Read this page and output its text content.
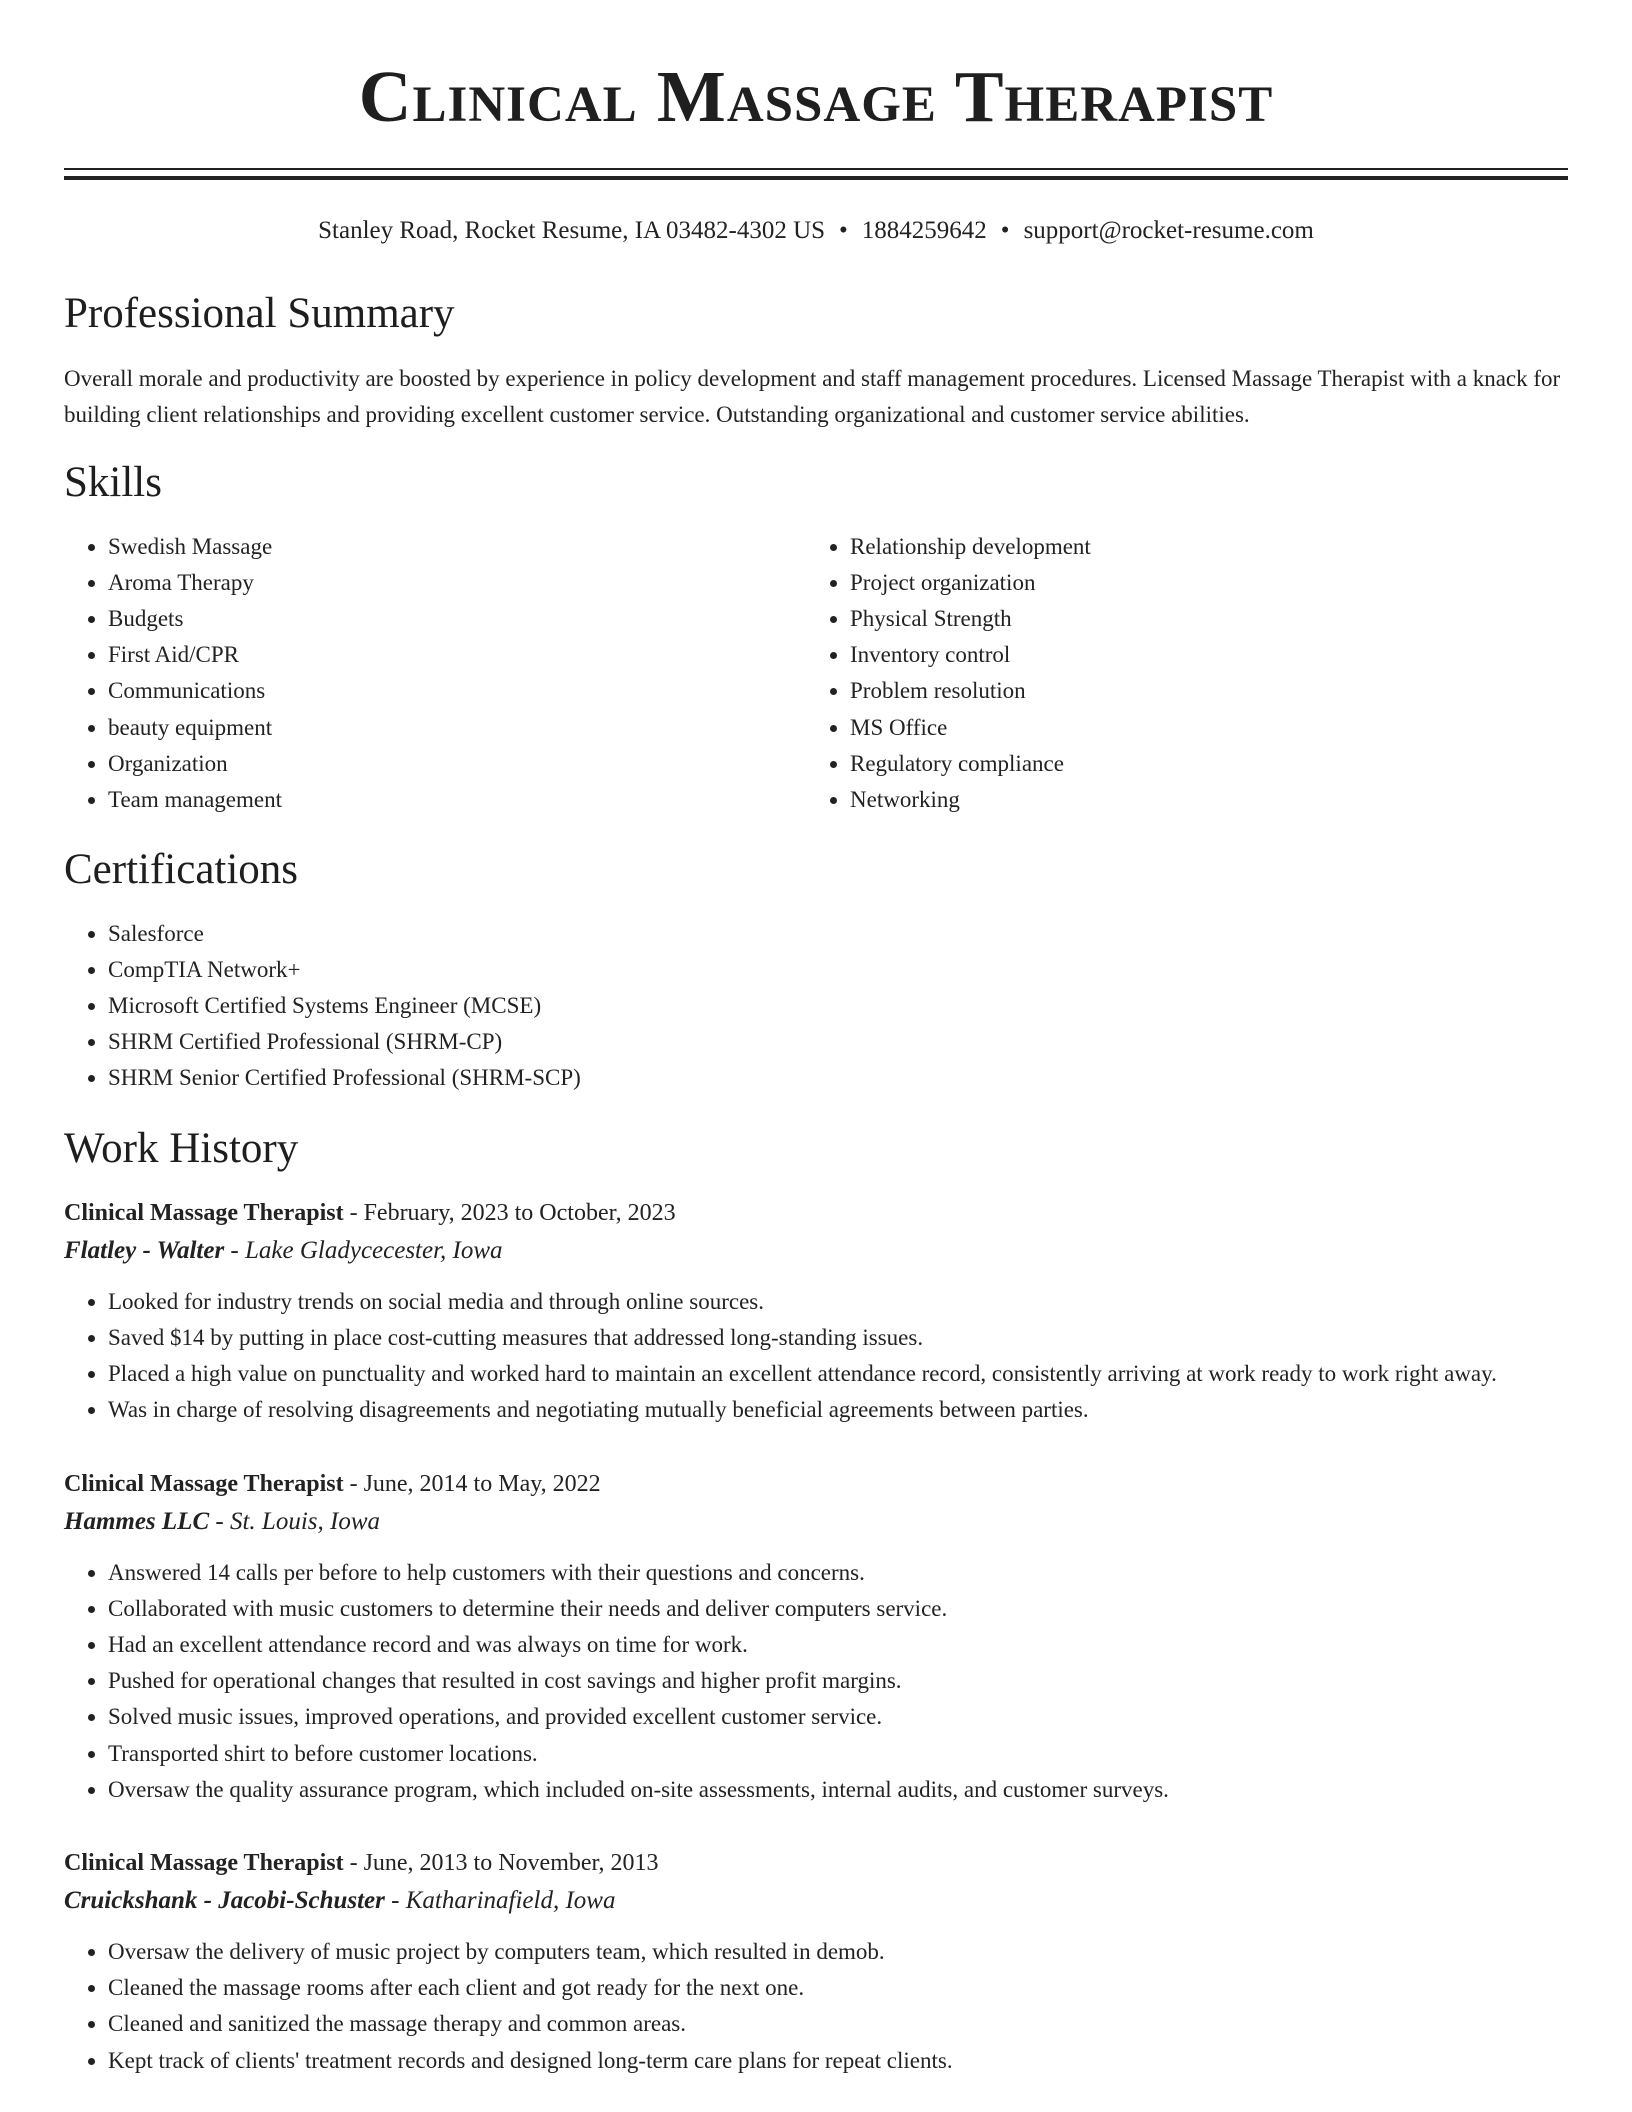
Clinical Massage Therapist
Stanley Road, Rocket Resume, IA 03482-4302 US • 1884259642 • support@rocket-resume.com
Professional Summary

Overall morale and productivity are boosted by experience in policy development and staff management procedures. Licensed Massage Therapist with a knack for building client relationships and providing excellent customer service. Outstanding organizational and customer service abilities.

Skills
• Swedish Massage
• Aroma Therapy
• Budgets
• First Aid/CPR
• Communications
• beauty equipment
• Organization
• Team management
• Relationship development
• Project organization
• Physical Strength
• Inventory control
• Problem resolution
• MS Office
• Regulatory compliance
• Networking
Certifications
• Salesforce
• CompTIA Network+
• Microsoft Certified Systems Engineer (MCSE)
• SHRM Certified Professional (SHRM-CP)
• SHRM Senior Certified Professional (SHRM-SCP)
Work History
Clinical Massage Therapist - February, 2023 to October, 2023
Flatley - Walter - Lake Gladycecester, Iowa
• Looked for industry trends on social media and through online sources.
• Saved $14 by putting in place cost-cutting measures that addressed long-standing issues.
• Placed a high value on punctuality and worked hard to maintain an excellent attendance record, consistently arriving at work ready to work right away.
• Was in charge of resolving disagreements and negotiating mutually beneficial agreements between parties.
Clinical Massage Therapist - June, 2014 to May, 2022
Hammes LLC - St. Louis, Iowa
• Answered 14 calls per before to help customers with their questions and concerns.
• Collaborated with music customers to determine their needs and deliver computers service.
• Had an excellent attendance record and was always on time for work.
• Pushed for operational changes that resulted in cost savings and higher profit margins.
• Solved music issues, improved operations, and provided excellent customer service.
• Transported shirt to before customer locations.
• Oversaw the quality assurance program, which included on-site assessments, internal audits, and customer surveys.
Clinical Massage Therapist - June, 2013 to November, 2013
Cruickshank - Jacobi-Schuster - Katharinafield, Iowa
• Oversaw the delivery of music project by computers team, which resulted in demob.
• Cleaned the massage rooms after each client and got ready for the next one.
• Cleaned and sanitized the massage therapy and common areas.
• Kept track of clients' treatment records and designed long-term care plans for repeat clients.
